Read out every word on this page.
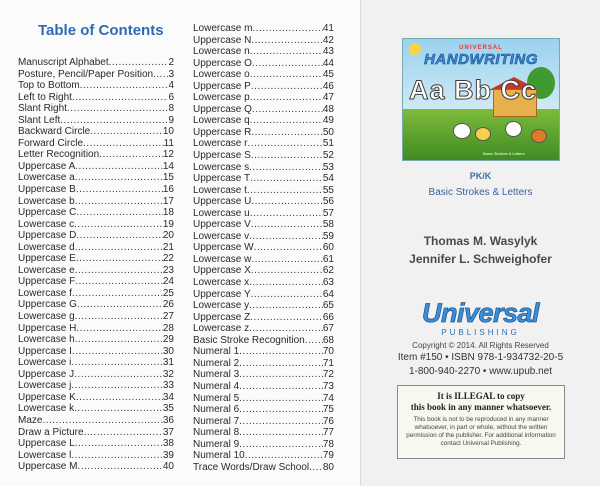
Table of Contents
Manuscript Alphabet .....	2
Posture, Pencil/Paper Position ..... 3
Top to Bottom .....	4
Left to Right .....	6
Slant Right .....	8
Slant Left .....	9
Backward Circle .....	10
Forward Circle .....	11
Letter Recognition .....	12
Uppercase A .....	14
Lowercase a .....	15
Uppercase B .....	16
Lowercase b .....	17
Uppercase C .....	18
Lowercase c .....	19
Uppercase D .....	20
Lowercase d .....	21
Uppercase E .....	22
Lowercase e .....	23
Uppercase F .....	24
Lowercase f .....	25
Uppercase G .....	26
Lowercase g .....	27
Uppercase H .....	28
Lowercase h .....	29
Uppercase I .....	30
Lowercase i .....	31
Uppercase J .....	32
Lowercase j .....	33
Uppercase K .....	34
Lowercase k .....	35
Maze .....	36
Draw a Picture .....	37
Uppercase L .....	38
Lowercase l .....	39
Uppercase M .....	40
Lowercase m .....	41
Uppercase N .....	42
Lowercase n .....	43
Uppercase O .....	44
Lowercase o .....	45
Uppercase P .....	46
Lowercase p .....	47
Uppercase Q .....	48
Lowercase q .....	49
Uppercase R .....	50
Lowercase r .....	51
Uppercase S .....	52
Lowercase s .....	53
Uppercase T .....	54
Lowercase t .....	55
Uppercase U .....	56
Lowercase u .....	57
Uppercase V .....	58
Lowercase v .....	59
Uppercase W .....	60
Lowercase w .....	61
Uppercase X .....	62
Lowercase x .....	63
Uppercase Y .....	64
Lowercase y .....	65
Uppercase Z .....	66
Lowercase z .....	67
Basic Stroke Recognition ..... 68
Numeral 1 .....	70
Numeral 2 .....	71
Numeral 3 .....	72
Numeral 4 .....	73
Numeral 5 .....	74
Numeral 6 .....	75
Numeral 7 .....	76
Numeral 8 .....	77
Numeral 9 .....	78
Numeral 10 .....	79
Trace Words/Draw School ..... 80
UNIVERSAL
HANDWRITING
Aa Bb Cc
Basic Strokes & Letters
PK/K
Basic Strokes & Letters
Thomas M. Wasylyk
Jennifer L. Schweighofer
Universal
PUBLISHING
Copyright © 2014. All Rights Reserved
Item #150 • ISBN 978-1-934732-20-5
1-800-940-2270 • www.upub.net
It is ILLEGAL to copy
this book in any manner whatsoever.
This book is not to be reproduced in any manner whatsoever, in part or whole, without the written permission of the publisher. For additional information contact Universal Publishing.
